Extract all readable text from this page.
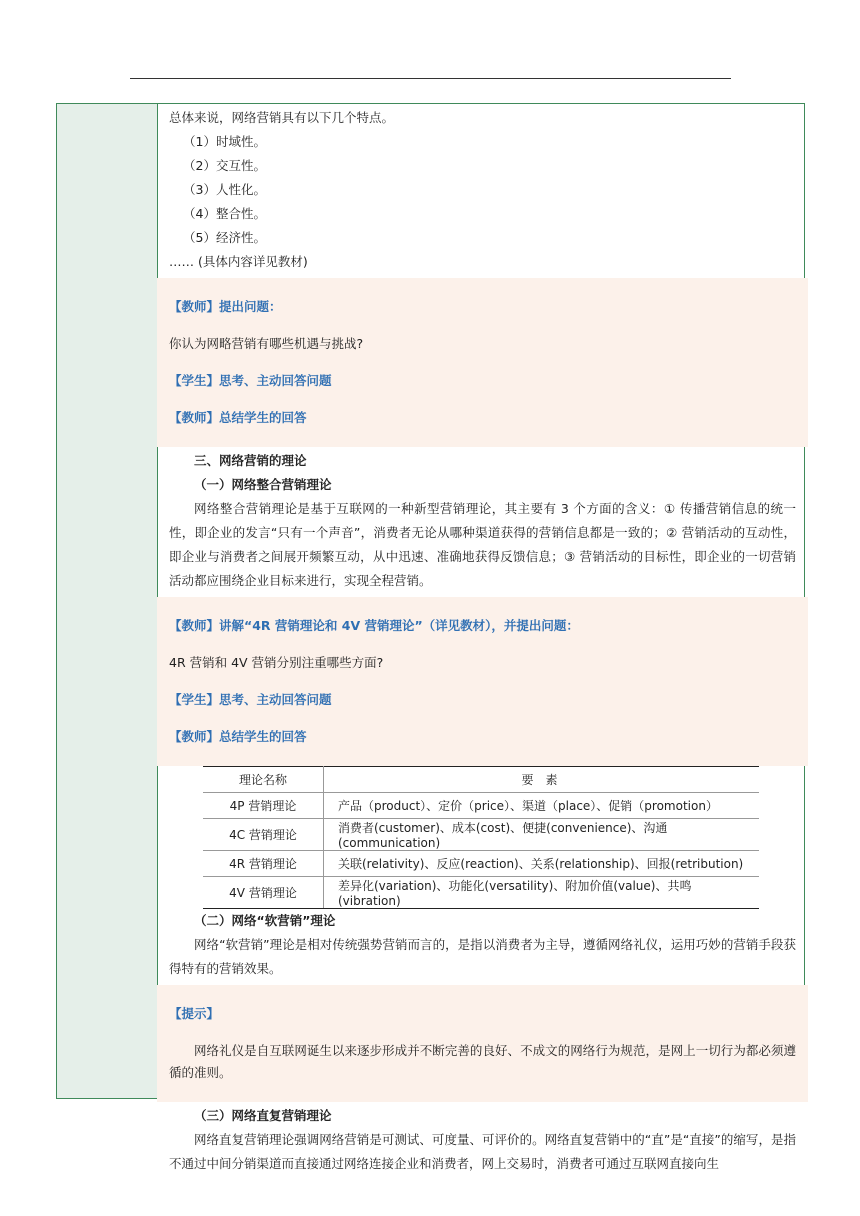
总体来说，网络营销具有以下几个特点。

（1）时域性。

（2）交互性。

（3）人性化。

（4）整合性。

（5）经济性。

…… (具体内容详见教材)

【教师】提出问题：

你认为网略营销有哪些机遇与挑战?

【学生】思考、主动回答问题

【教师】总结学生的回答

三、网络营销的理论

（一）网络整合营销理论

网络整合营销理论是基于互联网的一种新型营销理论，其主要有 3 个方面的含义：① 传播营销信息的统一性，即企业的发言“只有一个声音”，消费者无论从哪种渠道获得的营销信息都是一致的；② 营销活动的互动性，即企业与消费者之间展开频繁互动，从中迅速、准确地获得反馈信息；③ 营销活动的目标性，即企业的一切营销活动都应围绕企业目标来进行，实现全程营销。

【教师】讲解“4R 营销理论和 4V 营销理论”（详见教材），并提出问题：

4R 营销和 4V 营销分别注重哪些方面?

【学生】思考、主动回答问题

【教师】总结学生的回答

理论名称	要素
4P 营销理论	产品（product）、定价（price）、渠道（place）、促销（promotion）
4C 营销理论	消费者(customer)、成本(cost)、便捷(convenience)、沟通(communication)
4R 营销理论	关联(relativity)、反应(reaction)、关系(relationship)、回报(retribution)
4V 营销理论	差异化(variation)、功能化(versatility)、附加价值(value)、共鸣(vibration)

（二）网络“软营销”理论

网络“软营销”理论是相对传统强势营销而言的，是指以消费者为主导，遵循网络礼仪，运用巧妙的营销手段获得特有的营销效果。

【提示】

网络礼仪是自互联网诞生以来逐步形成并不断完善的良好、不成文的网络行为规范，是网上一切行为都必须遵循的准则。

（三）网络直复营销理论

网络直复营销理论强调网络营销是可测试、可度量、可评价的。网络直复营销中的“直”是“直接”的缩写，是指不通过中间分销渠道而直接通过网络连接企业和消费者，网上交易时，消费者可通过互联网直接向生
